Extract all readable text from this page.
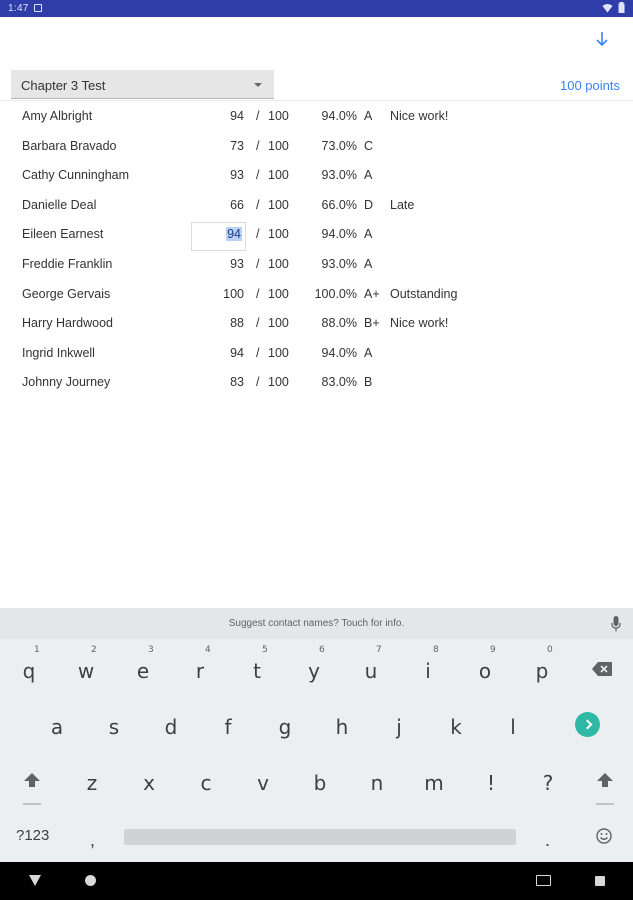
1:47
Chapter 3 Test	100 points
Amy Albright	94 / 100	94.0% A Nice work!
Barbara Bravado	73 / 100	73.0% C
Cathy Cunningham	93 / 100	93.0% A
Danielle Deal	66 / 100	66.0% D Late
Eileen Earnest	94 / 100	94.0% A
Freddie Franklin	93 / 100	93.0% A
George Gervais	100 / 100 100.0% A+ Outstanding
Harry Hardwood	88 / 100	88.0% B+ Nice work!
Ingrid Inkwell	94 / 100	94.0% A
Johnny Journey	83 / 100	83.0% B
Suggest contact names? Touch for info.
1
q
2
w
3
e
4
r
5
t
6
y
7
u
8
i
9
o
0
p
a	s	d	f	g	h	j	k	l
z	x	c	v	b	n	m	!	?
?123 ,	.
